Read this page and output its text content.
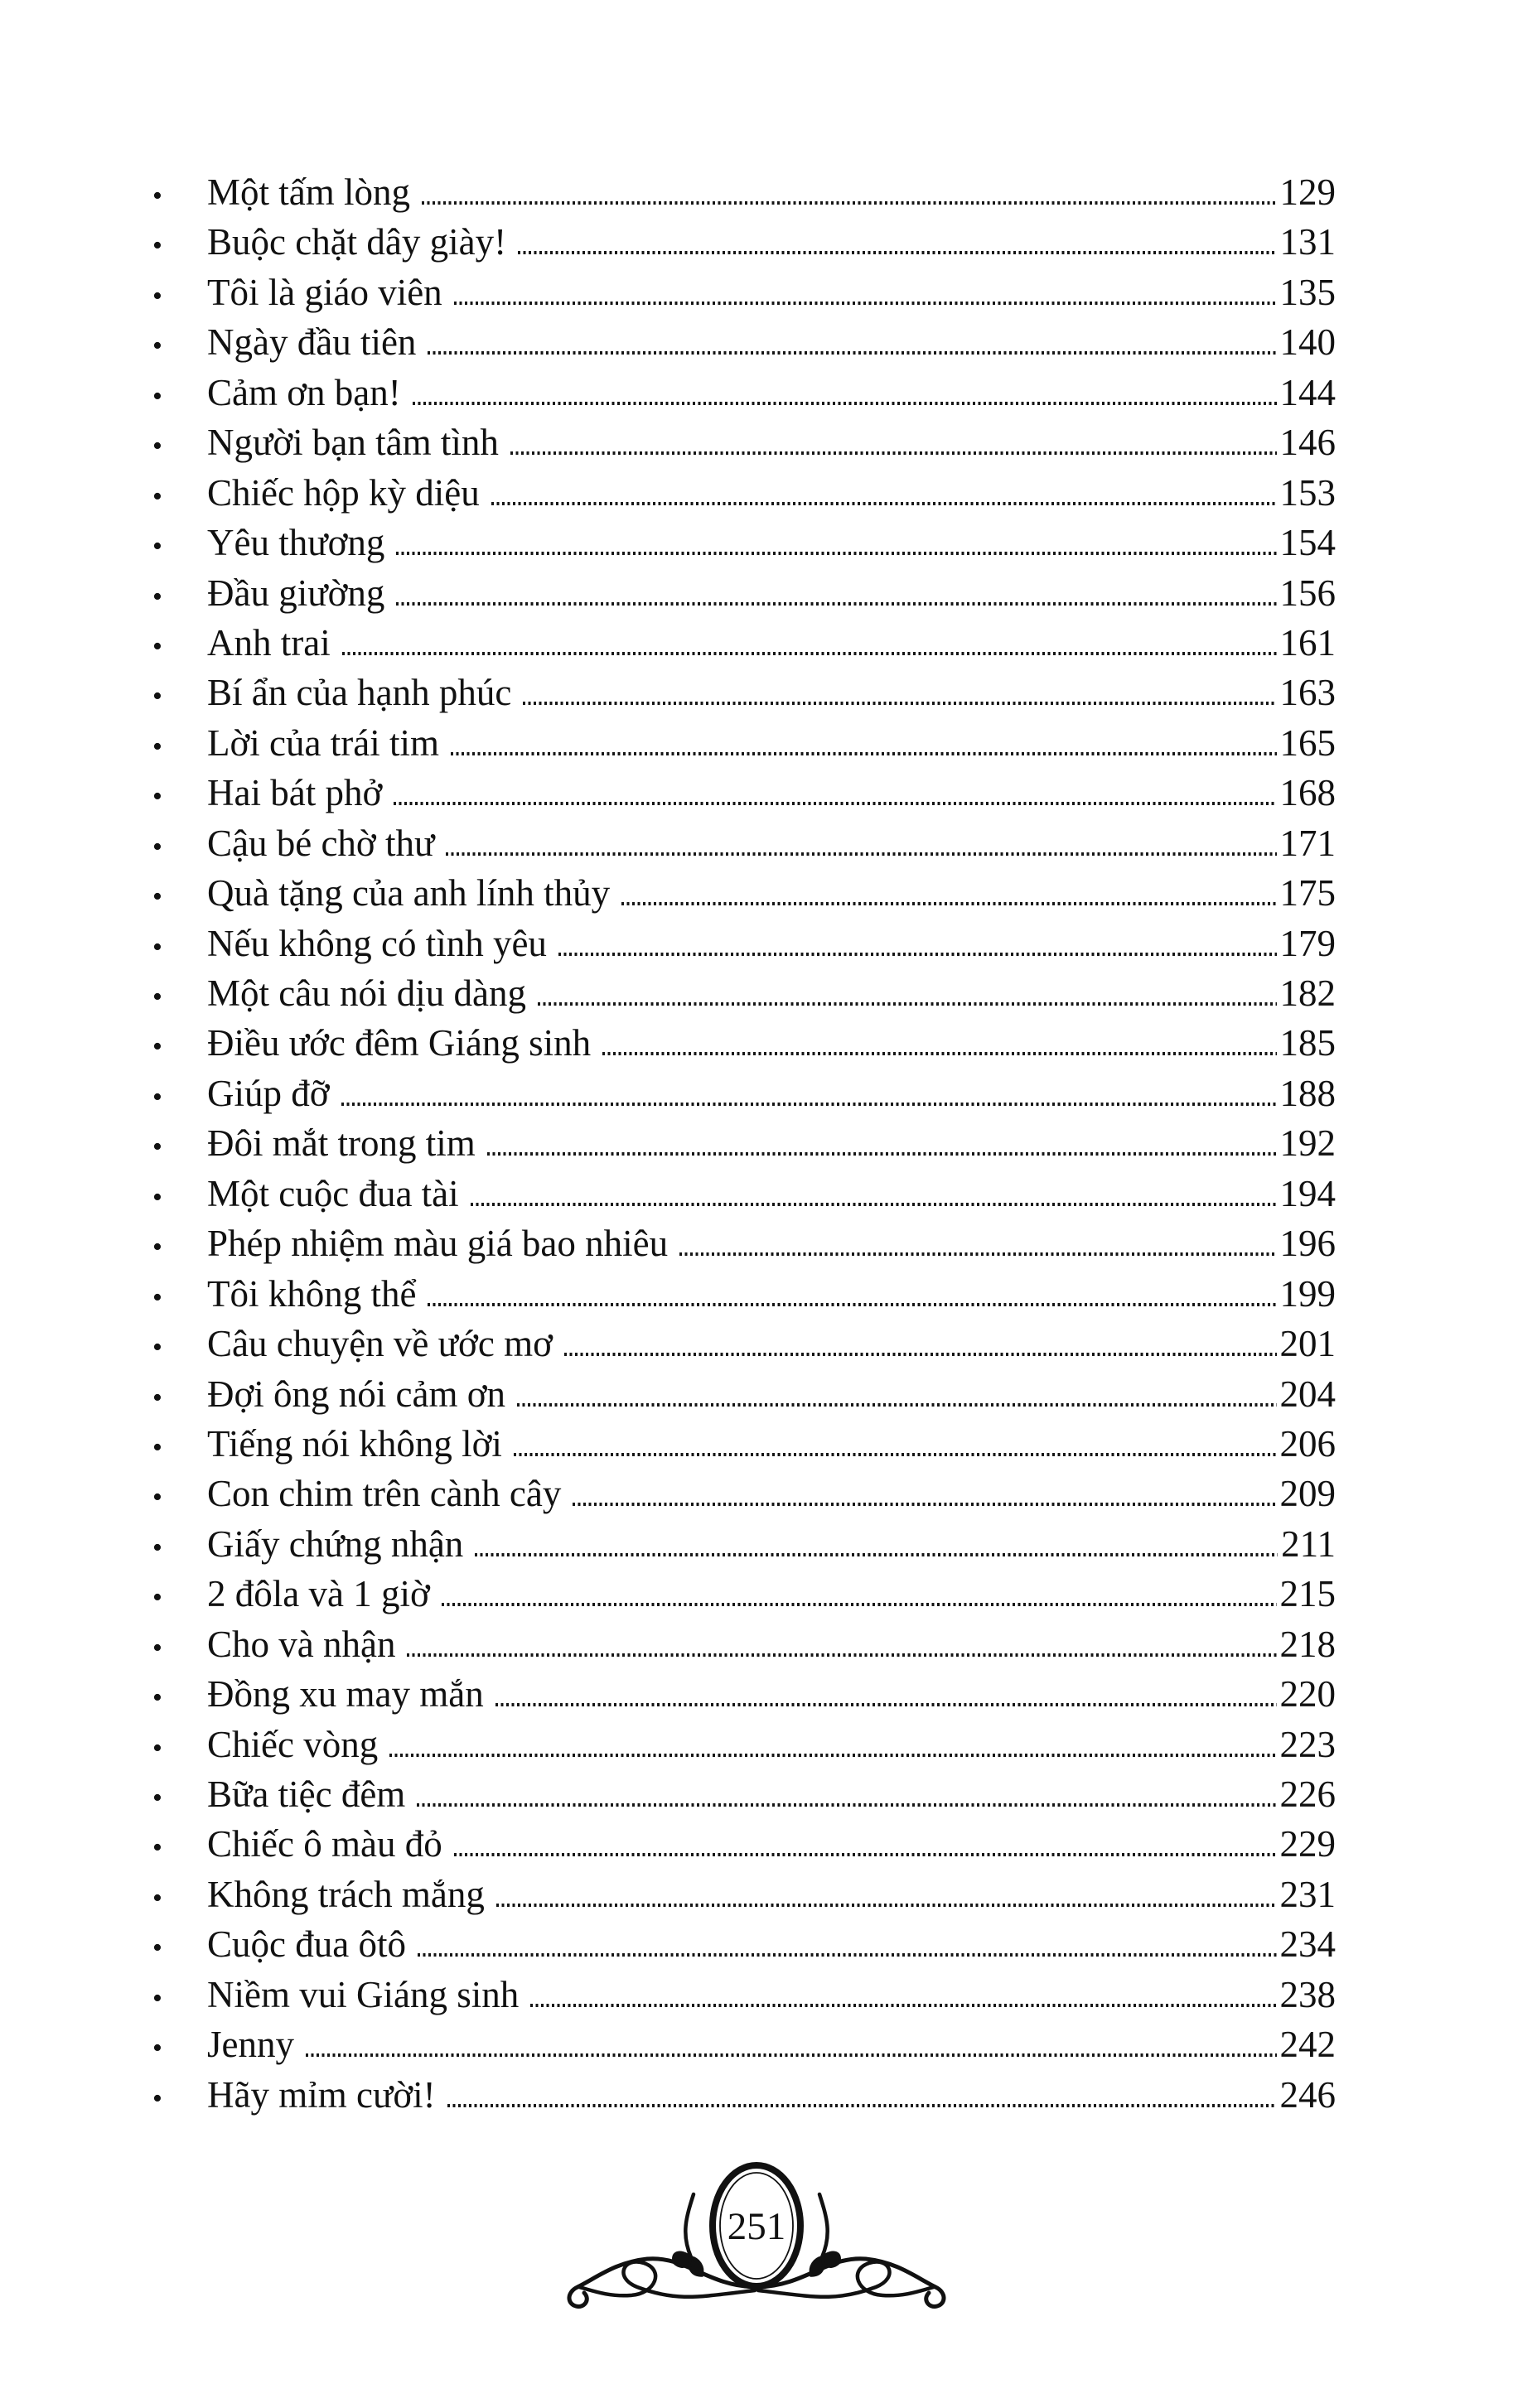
•	Một tấm lòng	129
•	Buộc chặt dây giày!	131
•	Tôi là giáo viên	135
•	Ngày đầu tiên	140
•	Cảm ơn bạn!	144
•	Người bạn tâm tình	146
•	Chiếc hộp kỳ diệu	153
•	Yêu thương	154
•	Đầu giường	156
•	Anh trai	161
•	Bí ẩn của hạnh phúc	163
•	Lời của trái tim	165
•	Hai bát phở	168
•	Cậu bé chờ thư	171
•	Quà tặng của anh lính thủy	175
•	Nếu không có tình yêu	179
•	Một câu nói dịu dàng	182
•	Điều ước đêm Giáng sinh	185
•	Giúp đỡ	188
•	Đôi mắt trong tim	192
•	Một cuộc đua tài	194
•	Phép nhiệm màu giá bao nhiêu	196
•	Tôi không thể	199
•	Câu chuyện về ước mơ	201
•	Đợi ông nói cảm ơn	204
•	Tiếng nói không lời	206
•	Con chim trên cành cây	209
•	Giấy chứng nhận	211
•	2 đôla và 1 giờ	215
•	Cho và nhận	218
•	Đồng xu may mắn	220
•	Chiếc vòng	223
•	Bữa tiệc đêm	226
•	Chiếc ô màu đỏ	229
•	Không trách mắng	231
•	Cuộc đua ôtô	234
•	Niềm vui Giáng sinh	238
•	Jenny	242
•	Hãy mỉm cười!	246
251
